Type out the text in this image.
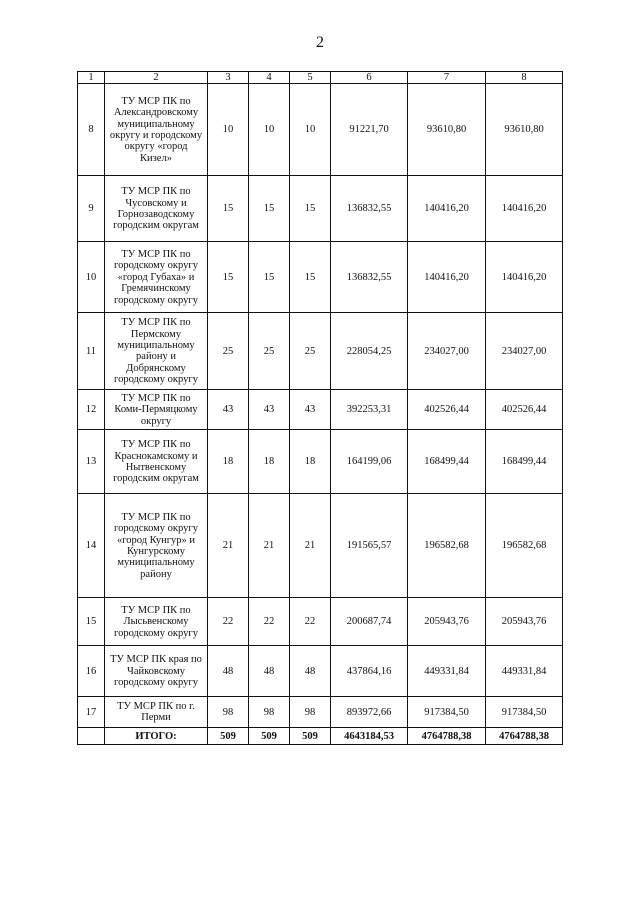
2
1	2	3	4	5	6	7	8
8	ТУ МСР ПК по Александровскому муниципальному округу и городскому округу «город Кизел»	10	10	10	91221,70	93610,80	93610,80
9	ТУ МСР ПК по Чусовскому и Горнозаводскому городским округам	15	15	15	136832,55	140416,20	140416,20
10	ТУ МСР ПК по городскому округу «город Губаха» и Гремячинскому городскому округу	15	15	15	136832,55	140416,20	140416,20
11	ТУ МСР ПК по Пермскому муниципальному району и Добрянскому городскому округу	25	25	25	228054,25	234027,00	234027,00
12	ТУ МСР ПК по Коми-Пермяцкому округу	43	43	43	392253,31	402526,44	402526,44
13	ТУ МСР ПК по Краснокамскому и Нытвенскому городским округам	18	18	18	164199,06	168499,44	168499,44
14	ТУ МСР ПК по городскому округу «город Кунгур» и Кунгурскому муниципальному району	21	21	21	191565,57	196582,68	196582,68
15	ТУ МСР ПК по Лысьвенскому городскому округу	22	22	22	200687,74	205943,76	205943,76
16	ТУ МСР ПК края по Чайковскому городскому округу	48	48	48	437864,16	449331,84	449331,84
17	ТУ МСР ПК по г. Перми	98	98	98	893972,66	917384,50	917384,50
	ИТОГО:	509	509	509	4643184,53	4764788,38	4764788,38
